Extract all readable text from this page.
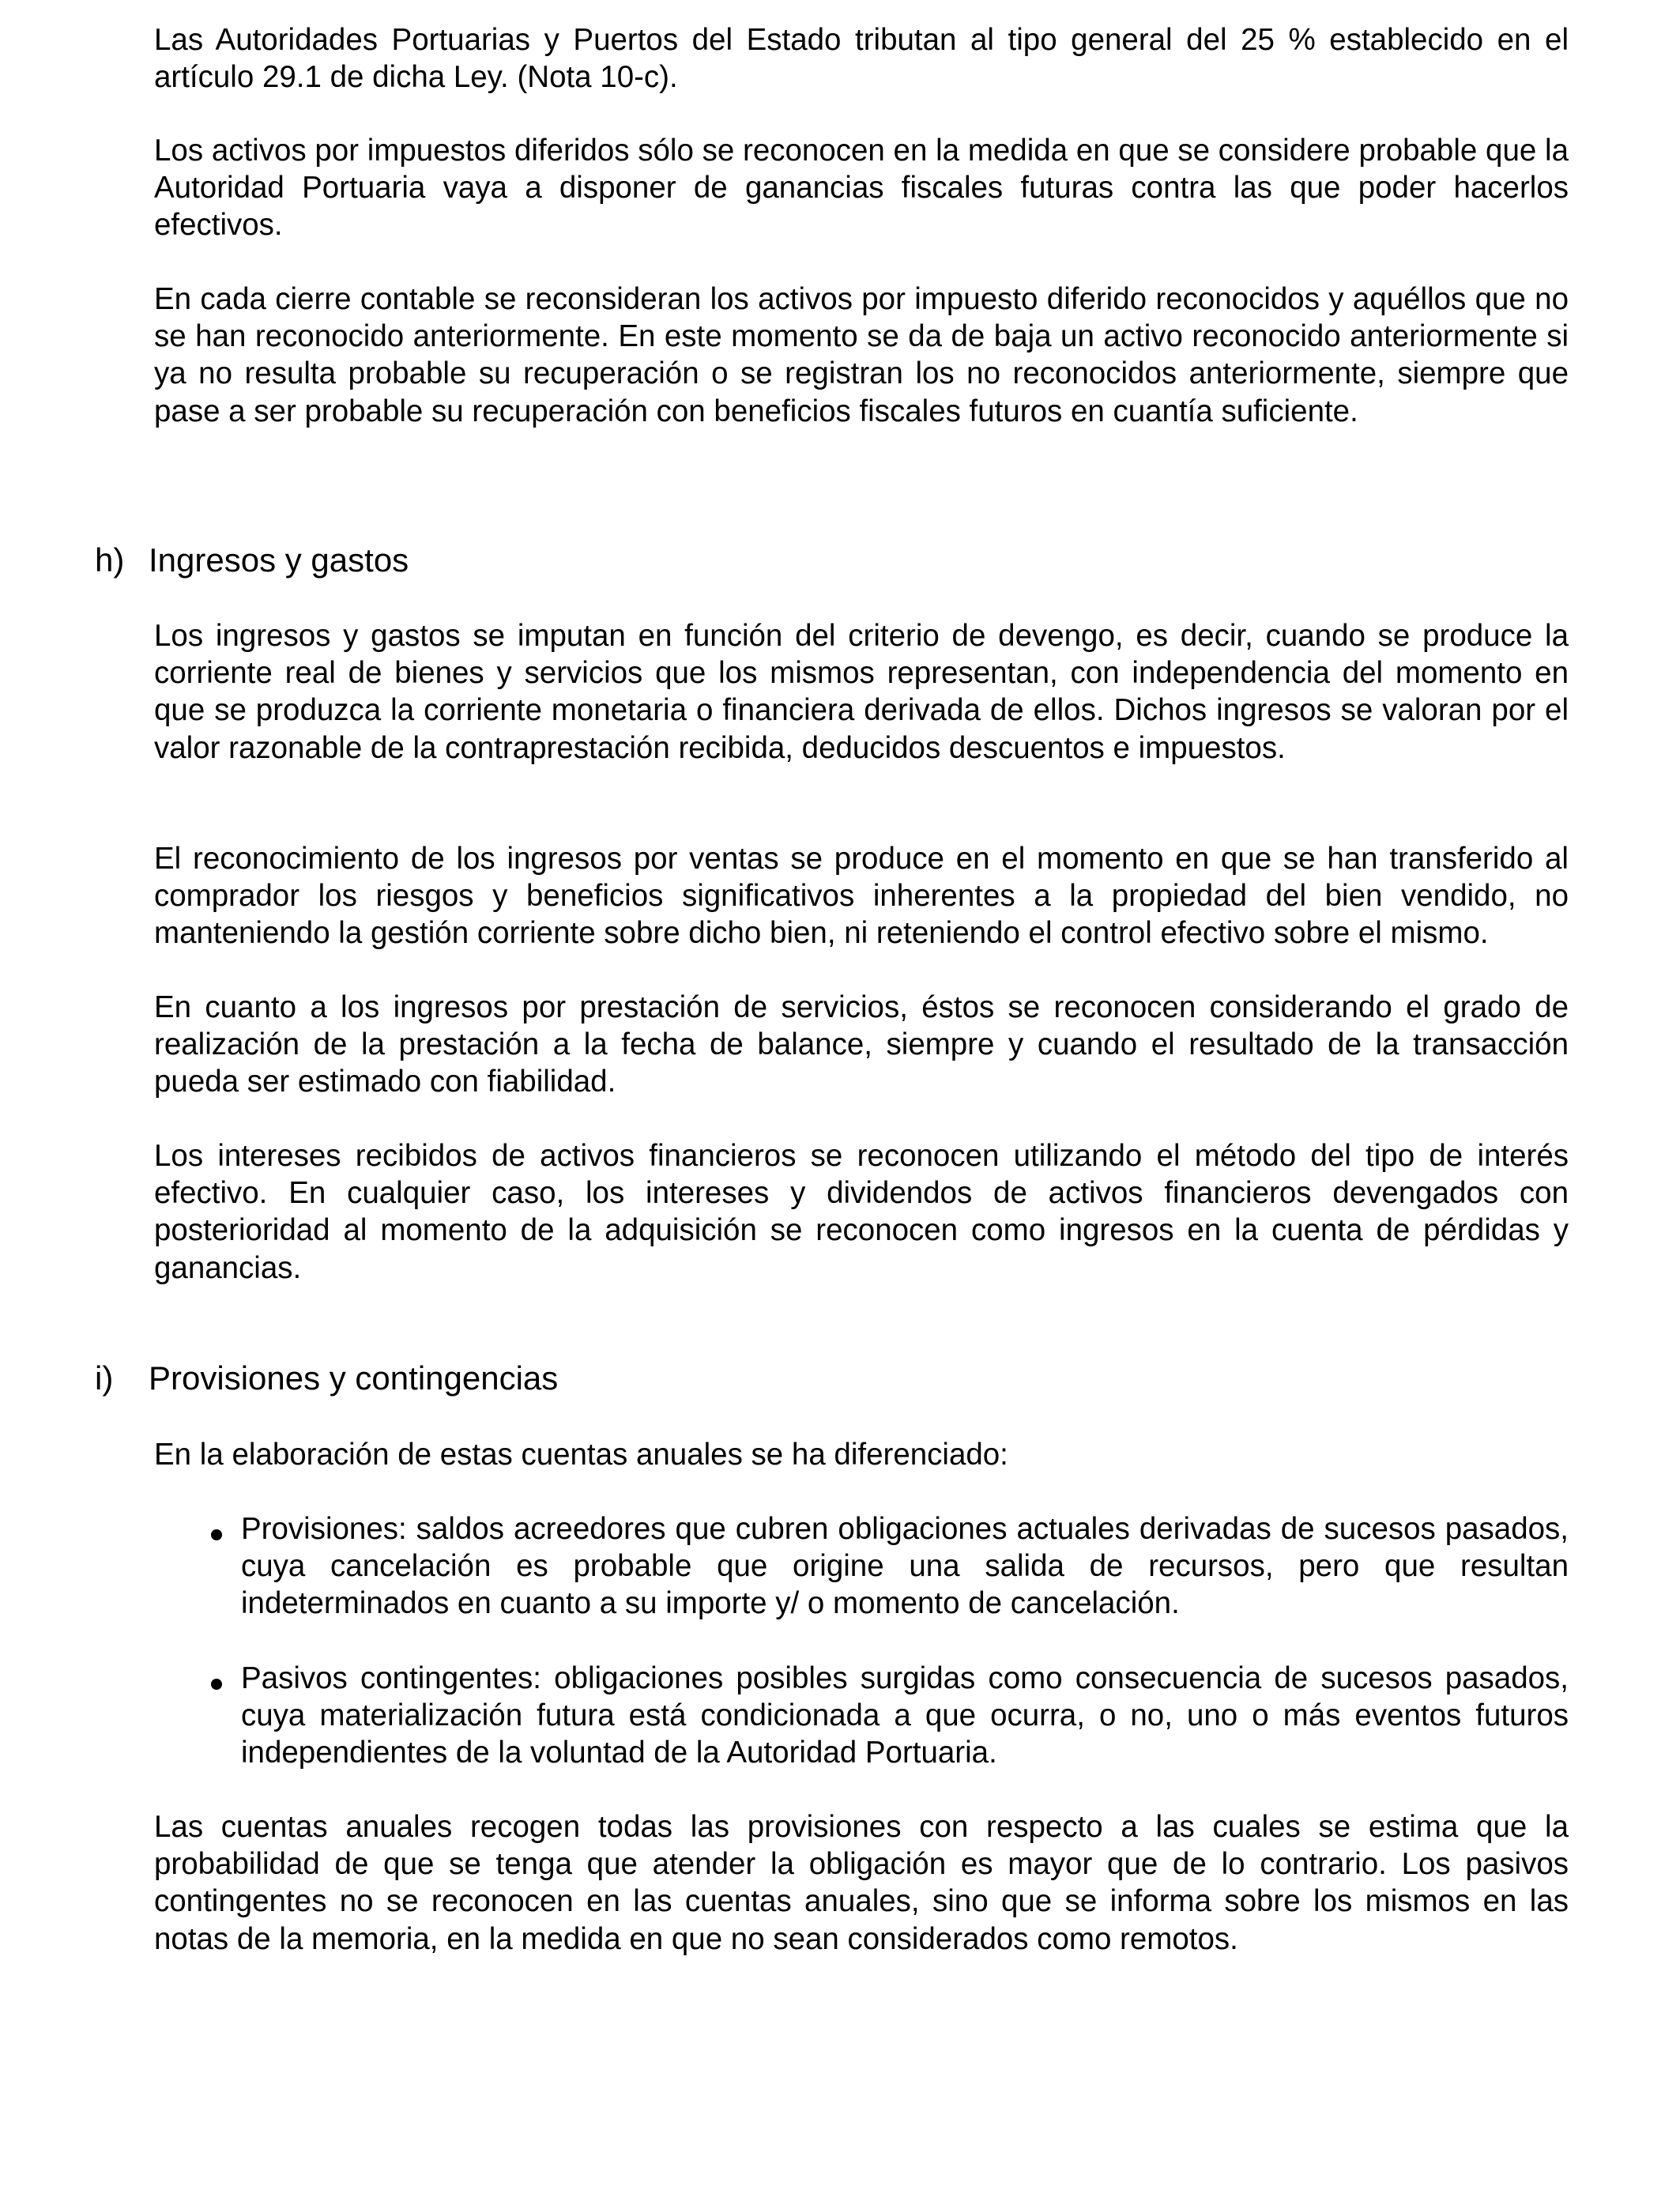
Las Autoridades Portuarias y Puertos del Estado tributan al tipo general del 25 % establecido en el artículo 29.1 de dicha Ley. (Nota 10-c).

Los activos por impuestos diferidos sólo se reconocen en la medida en que se considere probable que la Autoridad Portuaria vaya a disponer de ganancias fiscales futuras contra las que poder hacerlos efectivos.

En cada cierre contable se reconsideran los activos por impuesto diferido reconocidos y aquéllos que no se han reconocido anteriormente. En este momento se da de baja un activo reconocido anteriormente si ya no resulta probable su recuperación o se registran los no reconocidos anteriormente, siempre que pase a ser probable su recuperación con beneficios fiscales futuros en cuantía suficiente.

h) Ingresos y gastos

Los ingresos y gastos se imputan en función del criterio de devengo, es decir, cuando se produce la corriente real de bienes y servicios que los mismos representan, con independencia del momento en que se produzca la corriente monetaria o financiera derivada de ellos. Dichos ingresos se valoran por el valor razonable de la contraprestación recibida, deducidos descuentos e impuestos.

El reconocimiento de los ingresos por ventas se produce en el momento en que se han transferido al comprador los riesgos y beneficios significativos inherentes a la propiedad del bien vendido, no manteniendo la gestión corriente sobre dicho bien, ni reteniendo el control efectivo sobre el mismo.

En cuanto a los ingresos por prestación de servicios, éstos se reconocen considerando el grado de realización de la prestación a la fecha de balance, siempre y cuando el resultado de la transacción pueda ser estimado con fiabilidad.

Los intereses recibidos de activos financieros se reconocen utilizando el método del tipo de interés efectivo. En cualquier caso, los intereses y dividendos de activos financieros devengados con posterioridad al momento de la adquisición se reconocen como ingresos en la cuenta de pérdidas y ganancias.

i) Provisiones y contingencias

En la elaboración de estas cuentas anuales se ha diferenciado:

Provisiones: saldos acreedores que cubren obligaciones actuales derivadas de sucesos pasados, cuya cancelación es probable que origine una salida de recursos, pero que resultan indeterminados en cuanto a su importe y/ o momento de cancelación.

Pasivos contingentes: obligaciones posibles surgidas como consecuencia de sucesos pasados, cuya materialización futura está condicionada a que ocurra, o no, uno o más eventos futuros independientes de la voluntad de la Autoridad Portuaria.

Las cuentas anuales recogen todas las provisiones con respecto a las cuales se estima que la probabilidad de que se tenga que atender la obligación es mayor que de lo contrario. Los pasivos contingentes no se reconocen en las cuentas anuales, sino que se informa sobre los mismos en las notas de la memoria, en la medida en que no sean considerados como remotos.
